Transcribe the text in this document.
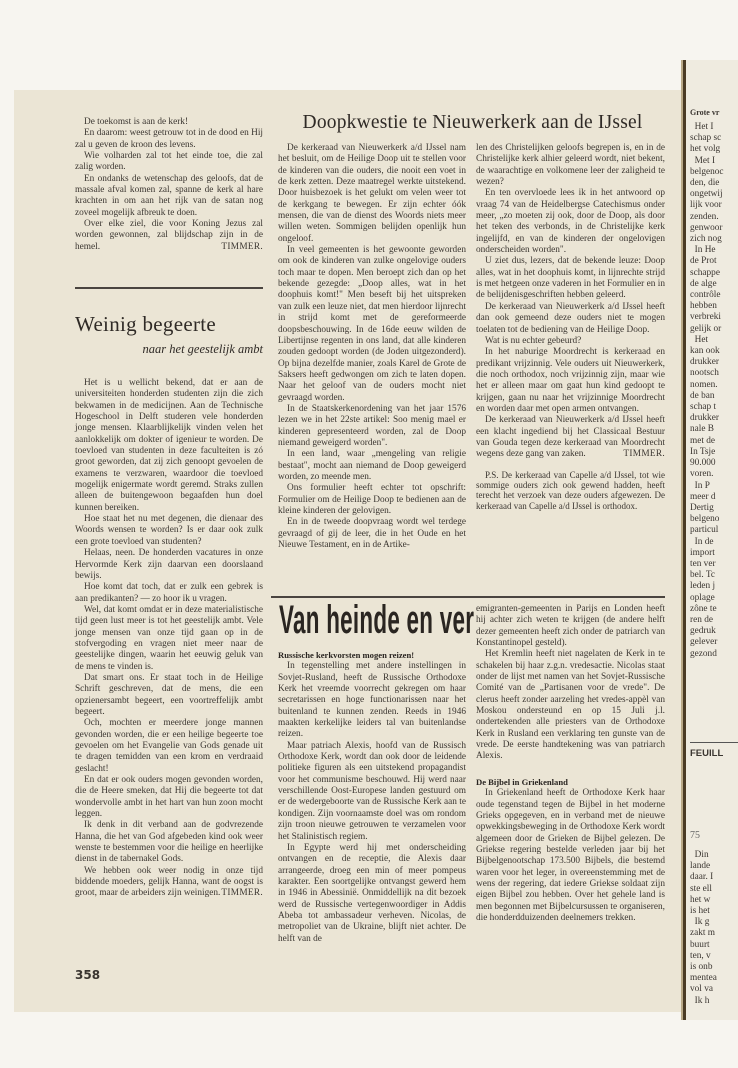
De toekomst is aan de kerk!

En daarom: weest getrouw tot in de dood en Hij zal u geven de kroon des levens.

Wie volharden zal tot het einde toe, die zal zalig worden.

En ondanks de wetenschap des geloofs, dat de massale afval komen zal, spanne de kerk al hare krachten in om aan het rijk van de satan nog zoveel mogelijk afbreuk te doen.

Over elke ziel, die voor Koning Jezus zal worden gewonnen, zal blijdschap zijn in de hemel.	TIMMER.
Weinig begeerte
naar het geestelijk ambt

Het is u wellicht bekend, dat er aan de universiteiten honderden studenten zijn die zich bekwamen in de medicijnen. Aan de Technische Hogeschool in Delft studeren vele honderden jonge mensen. Klaarblijkelijk vinden velen het aanlokkelijk om dokter of igenieur te worden. De toevloed van studenten in deze faculteiten is zó groot geworden, dat zij zich genoopt gevoelen de examens te verzwaren, waardoor die toevloed mogelijk enigermate wordt geremd. Straks zullen alleen de buitengewoon begaafden hun doel kunnen bereiken.

Hoe staat het nu met degenen, die dienaar des Woords wensen te worden? Is er daar ook zulk een grote toevloed van studenten?

Helaas, neen. De honderden vacatures in onze Hervormde Kerk zijn daarvan een doorslaand bewijs.

Hoe komt dat toch, dat er zulk een gebrek is aan predikanten? — zo hoor ik u vragen.

Wel, dat komt omdat er in deze materialistische tijd geen lust meer is tot het geestelijk ambt. Vele jonge mensen van onze tijd gaan op in de stofvergoding en vragen niet meer naar de geestelijke dingen, waarin het eeuwig geluk van de mens te vinden is.

Dat smart ons. Er staat toch in de Heilige Schrift geschreven, dat de mens, die een opzienersambt begeert, een voortreffelijk ambt begeert.

Och, mochten er meerdere jonge mannen gevonden worden, die er een heilige begeerte toe gevoelen om het Evangelie van Gods genade uit te dragen temidden van een krom en verdraaid geslacht!

En dat er ook ouders mogen gevonden worden, die de Heere smeken, dat Hij die begeerte tot dat wondervolle ambt in het hart van hun zoon mocht leggen.

Ik denk in dit verband aan de godvrezende Hanna, die het van God afgebeden kind ook weer wenste te bestemmen voor die heilige en heerlijke dienst in de tabernakel Gods.

We hebben ook weer nodig in onze tijd biddende moeders, gelijk Hanna, want de oogst is groot, maar de arbeiders zijn weinigen. TIMMER.
358
Doopkwestie te Nieuwerkerk aan de IJssel

De kerkeraad van Nieuwerkerk a/d IJssel nam het besluit, om de Heilige Doop uit te stellen voor de kinderen van die ouders, die nooit een voet in de kerk zetten. Deze maatregel werkte uitstekend. Door huisbezoek is het gelukt om velen weer tot de kerkgang te bewegen. Er zijn echter óók mensen, die van de dienst des Woords niets meer willen weten. Sommigen belijden openlijk hun ongeloof.

In veel gemeenten is het gewoonte geworden om ook de kinderen van zulke ongelovige ouders toch maar te dopen. Men beroept zich dan op het bekende gezegde: „Doop alles, wat in het doophuis komt!" Men beseft bij het uitspreken van zulk een leuze niet, dat men hierdoor lijnrecht in strijd komt met de gereformeerde doopsbeschouwing. In de 16de eeuw wilden de Libertijnse regenten in ons land, dat alle kinderen zouden gedoopt worden (de Joden uitgezonderd). Op bijna dezelfde manier, zoals Karel de Grote de Saksers heeft gedwongen om zich te laten dopen. Naar het geloof van de ouders mocht niet gevraagd worden.

In de Staatskerkenordening van het jaar 1576 lezen we in het 22ste artikel: Soo menig mael er kinderen gepresenteerd worden, zal de Doop niemand geweigerd worden".

In een land, waar „mengeling van religie bestaat", mocht aan niemand de Doop geweigerd worden, zo meende men.

Ons formulier heeft echter tot opschrift: Formulier om de Heilige Doop te bedienen aan de kleine kinderen der gelovigen.

En in de tweede doopvraag wordt wel terdege gevraagd of gij de leer, die in het Oude en het Nieuwe Testament, en in de Artike-

len des Christelijken geloofs begrepen is, en in de Christelijke kerk alhier geleerd wordt, niet bekent, de waarachtige en volkomene leer der zaligheid te wezen?

En ten overvloede lees ik in het antwoord op vraag 74 van de Heidelbergse Catechismus onder meer, „zo moeten zij ook, door de Doop, als door het teken des verbonds, in de Christelijke kerk ingelijfd, en van de kinderen der ongelovigen onderscheiden worden".

U ziet dus, lezers, dat de bekende leuze: Doop alles, wat in het doophuis komt, in lijnrechte strijd is met hetgeen onze vaderen in het Formulier en in de belijdenisgeschriften hebben geleerd.

De kerkeraad van Nieuwerkerk a/d IJssel heeft dan ook gemeend deze ouders niet te mogen toelaten tot de bediening van de Heilige Doop.

Wat is nu echter gebeurd?

In het naburige Moordrecht is kerkeraad en predikant vrijzinnig. Vele ouders uit Nieuwerkerk, die noch orthodox, noch vrijzinnig zijn, maar wie het er alleen maar om gaat hun kind gedoopt te krijgen, gaan nu naar het vrijzinnige Moordrecht en worden daar met open armen ontvangen.

De kerkeraad van Nieuwerkerk a/d IJssel heeft een klacht ingediend bij het Classicaal Bestuur van Gouda tegen deze kerkeraad van Moordrecht wegens deze gang van zaken.	TIMMER.

P.S. De kerkeraad van Capelle a/d IJssel, tot wie sommige ouders zich ook gewend hadden, heeft terecht het verzoek van deze ouders afgewezen. De kerkeraad van Capelle a/d IJssel is orthodox.

Van heinde en ver

Russische kerkvorsten mogen reizen!

In tegenstelling met andere instellingen in Sovjet-Rusland, heeft de Russische Orthodoxe Kerk het vreemde voorrecht gekregen om haar secretarissen en hoge functionarissen naar het buitenland te kunnen zenden. Reeds in 1946 maakten kerkelijke leiders tal van buitenlandse reizen.

Maar patriach Alexis, hoofd van de Russisch Orthodoxe Kerk, wordt dan ook door de leidende politieke figuren als een uitstekend propagandist voor het communisme beschouwd. Hij werd naar verschillende Oost-Europese landen gestuurd om er de wedergeboorte van de Russische Kerk aan te kondigen. Zijn voornaamste doel was om rondom zijn troon nieuwe getrouwen te verzamelen voor het Stalinistisch regiem.

In Egypte werd hij met onderscheiding ontvangen en de receptie, die Alexis daar arrangeerde, droeg een min of meer pompeus karakter. Een soortgelijke ontvangst gewerd hem in 1946 in Abessinië. Onmiddellijk na dit bezoek werd de Russische vertegenwoordiger in Addis Abeba tot ambassadeur verheven. Nicolas, de metropoliet van de Ukraine, blijft niet achter. De helft van de

emigranten-gemeenten in Parijs en Londen heeft hij achter zich weten te krijgen (de andere helft dezer gemeenten heeft zich onder de patriarch van Konstantinopel gesteld).

Het Kremlin heeft niet nagelaten de Kerk in te schakelen bij haar z.g.n. vredesactie. Nicolas staat onder de lijst met namen van het Sovjet-Russische Comité van de „Partisanen voor de vrede". De clerus heeft zonder aarzeling het vredes-appèl van Moskou ondersteund en op 15 Juli j.l. ondertekenden alle priesters van de Orthodoxe Kerk in Rusland een verklaring ten gunste van de vrede. De eerste handtekening was van patriarch Alexis.

De Bijbel in Griekenland

In Griekenland heeft de Orthodoxe Kerk haar oude tegenstand tegen de Bijbel in het moderne Grieks opgegeven, en in verband met de nieuwe opwekkingsbeweging in de Orthodoxe Kerk wordt algemeen door de Grieken de Bijbel gelezen. De Griekse regering bestelde verleden jaar bij het Bijbelgenootschap 173.500 Bijbels, die bestemd waren voor het leger, in overeenstemming met de wens der regering, dat iedere Griekse soldaat zijn eigen Bijbel zou hebben. Over het gehele land is men begonnen met Bijbelcursussen te organiseren, die honderdduizenden deelnemers trekken.

Grote vr
Het I
schap sc
het volg
Met I
belgenoc
den, die
ongetwij
lijk voor
zenden.
genwoor
zich nog
In He
de Prot
schappe
de alge
contrôle
hebben
verbreki
gelijk or
Het
kan ook
drukker
nootsch
nomen.
de ban
schap t
drukker
nale B
met de
In Tsje
90.000
voren.
In P
meer d
Dertig
belgeno
particul
In de
import
ten ver
bel. Tc
leden j
oplage
zône te
ren de
gedruk
gelever
gezond
FEUILL
75
Din
lande
daar. I
ste ell
het w
is het
Ik g
zakt m
buurt
ten, v
is onb
mentea
vol va
Ik h
